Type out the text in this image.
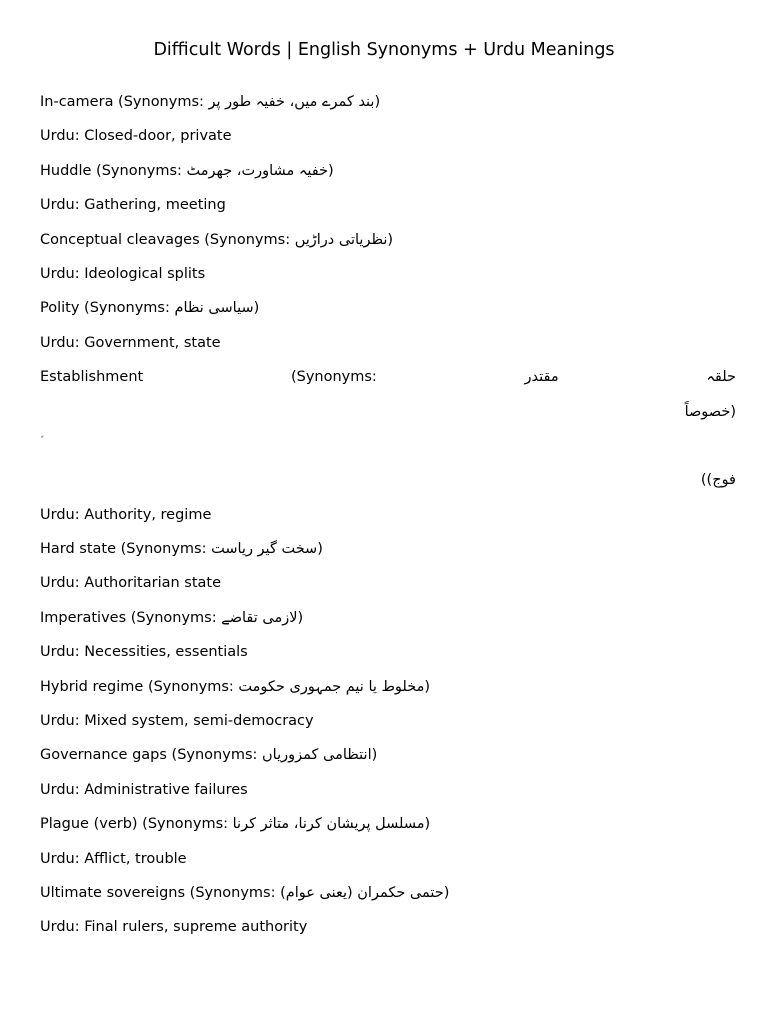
Difficult Words | English Synonyms + Urdu Meanings
In-camera (Synonyms: بند کمرے میں، خفیہ طور پر)
Urdu: Closed-door, private
Huddle (Synonyms: خفیہ مشاورت، جھرمٹ)
Urdu: Gathering, meeting
Conceptual cleavages (Synonyms: نظریاتی دراڑیں)
Urdu: Ideological splits
Polity (Synonyms: سیاسی نظام)
Urdu: Government, state
Establishment	(Synonyms:	مقتدر	حلقہ
(خصوصاً
فوج))
Urdu: Authority, regime
Hard state (Synonyms: سخت گیر ریاست)
Urdu: Authoritarian state
Imperatives (Synonyms: لازمی تقاضے)
Urdu: Necessities, essentials
Hybrid regime (Synonyms: مخلوط یا نیم جمہوری حکومت)
Urdu: Mixed system, semi-democracy
Governance gaps (Synonyms: انتظامی کمزوریاں)
Urdu: Administrative failures
Plague (verb) (Synonyms: مسلسل پریشان کرنا، متاثر کرنا)
Urdu: Afflict, trouble
Ultimate sovereigns (Synonyms: حتمی حکمران (یعنی عوام))
Urdu: Final rulers, supreme authority
